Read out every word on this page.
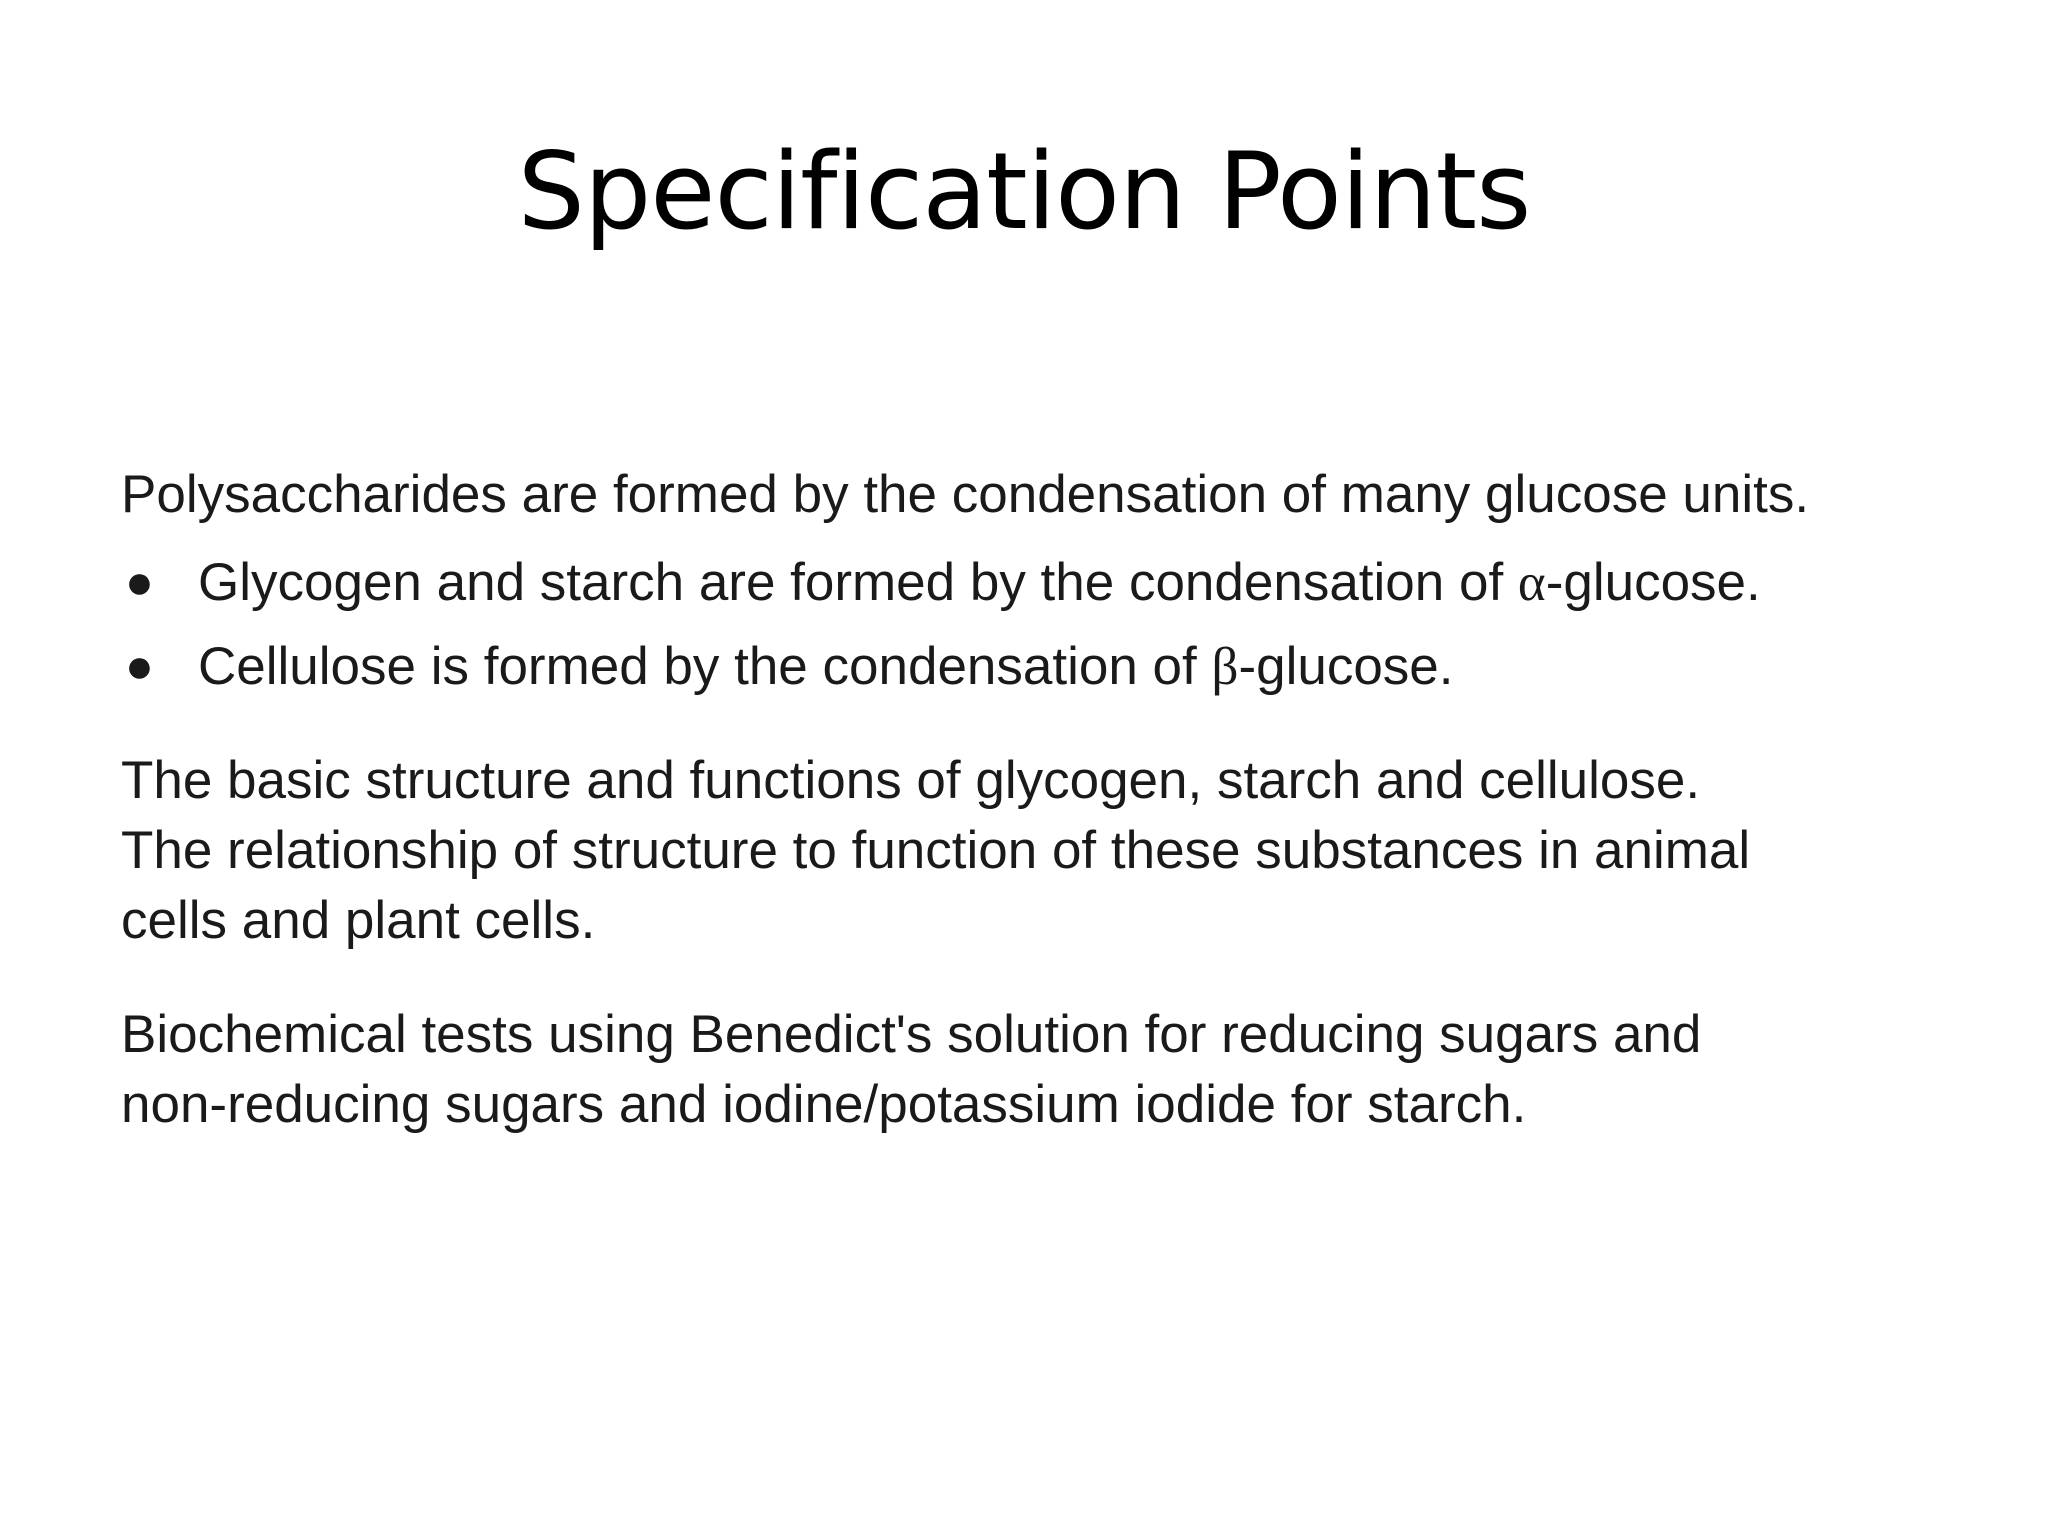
Specification Points

Polysaccharides are formed by the condensation of many glucose units.

● Glycogen and starch are formed by the condensation of α-glucose.
● Cellulose is formed by the condensation of β-glucose.
The basic structure and functions of glycogen, starch and cellulose.
The relationship of structure to function of these substances in animal
cells and plant cells.
Biochemical tests using Benedict's solution for reducing sugars and
non-reducing sugars and iodine/potassium iodide for starch.
